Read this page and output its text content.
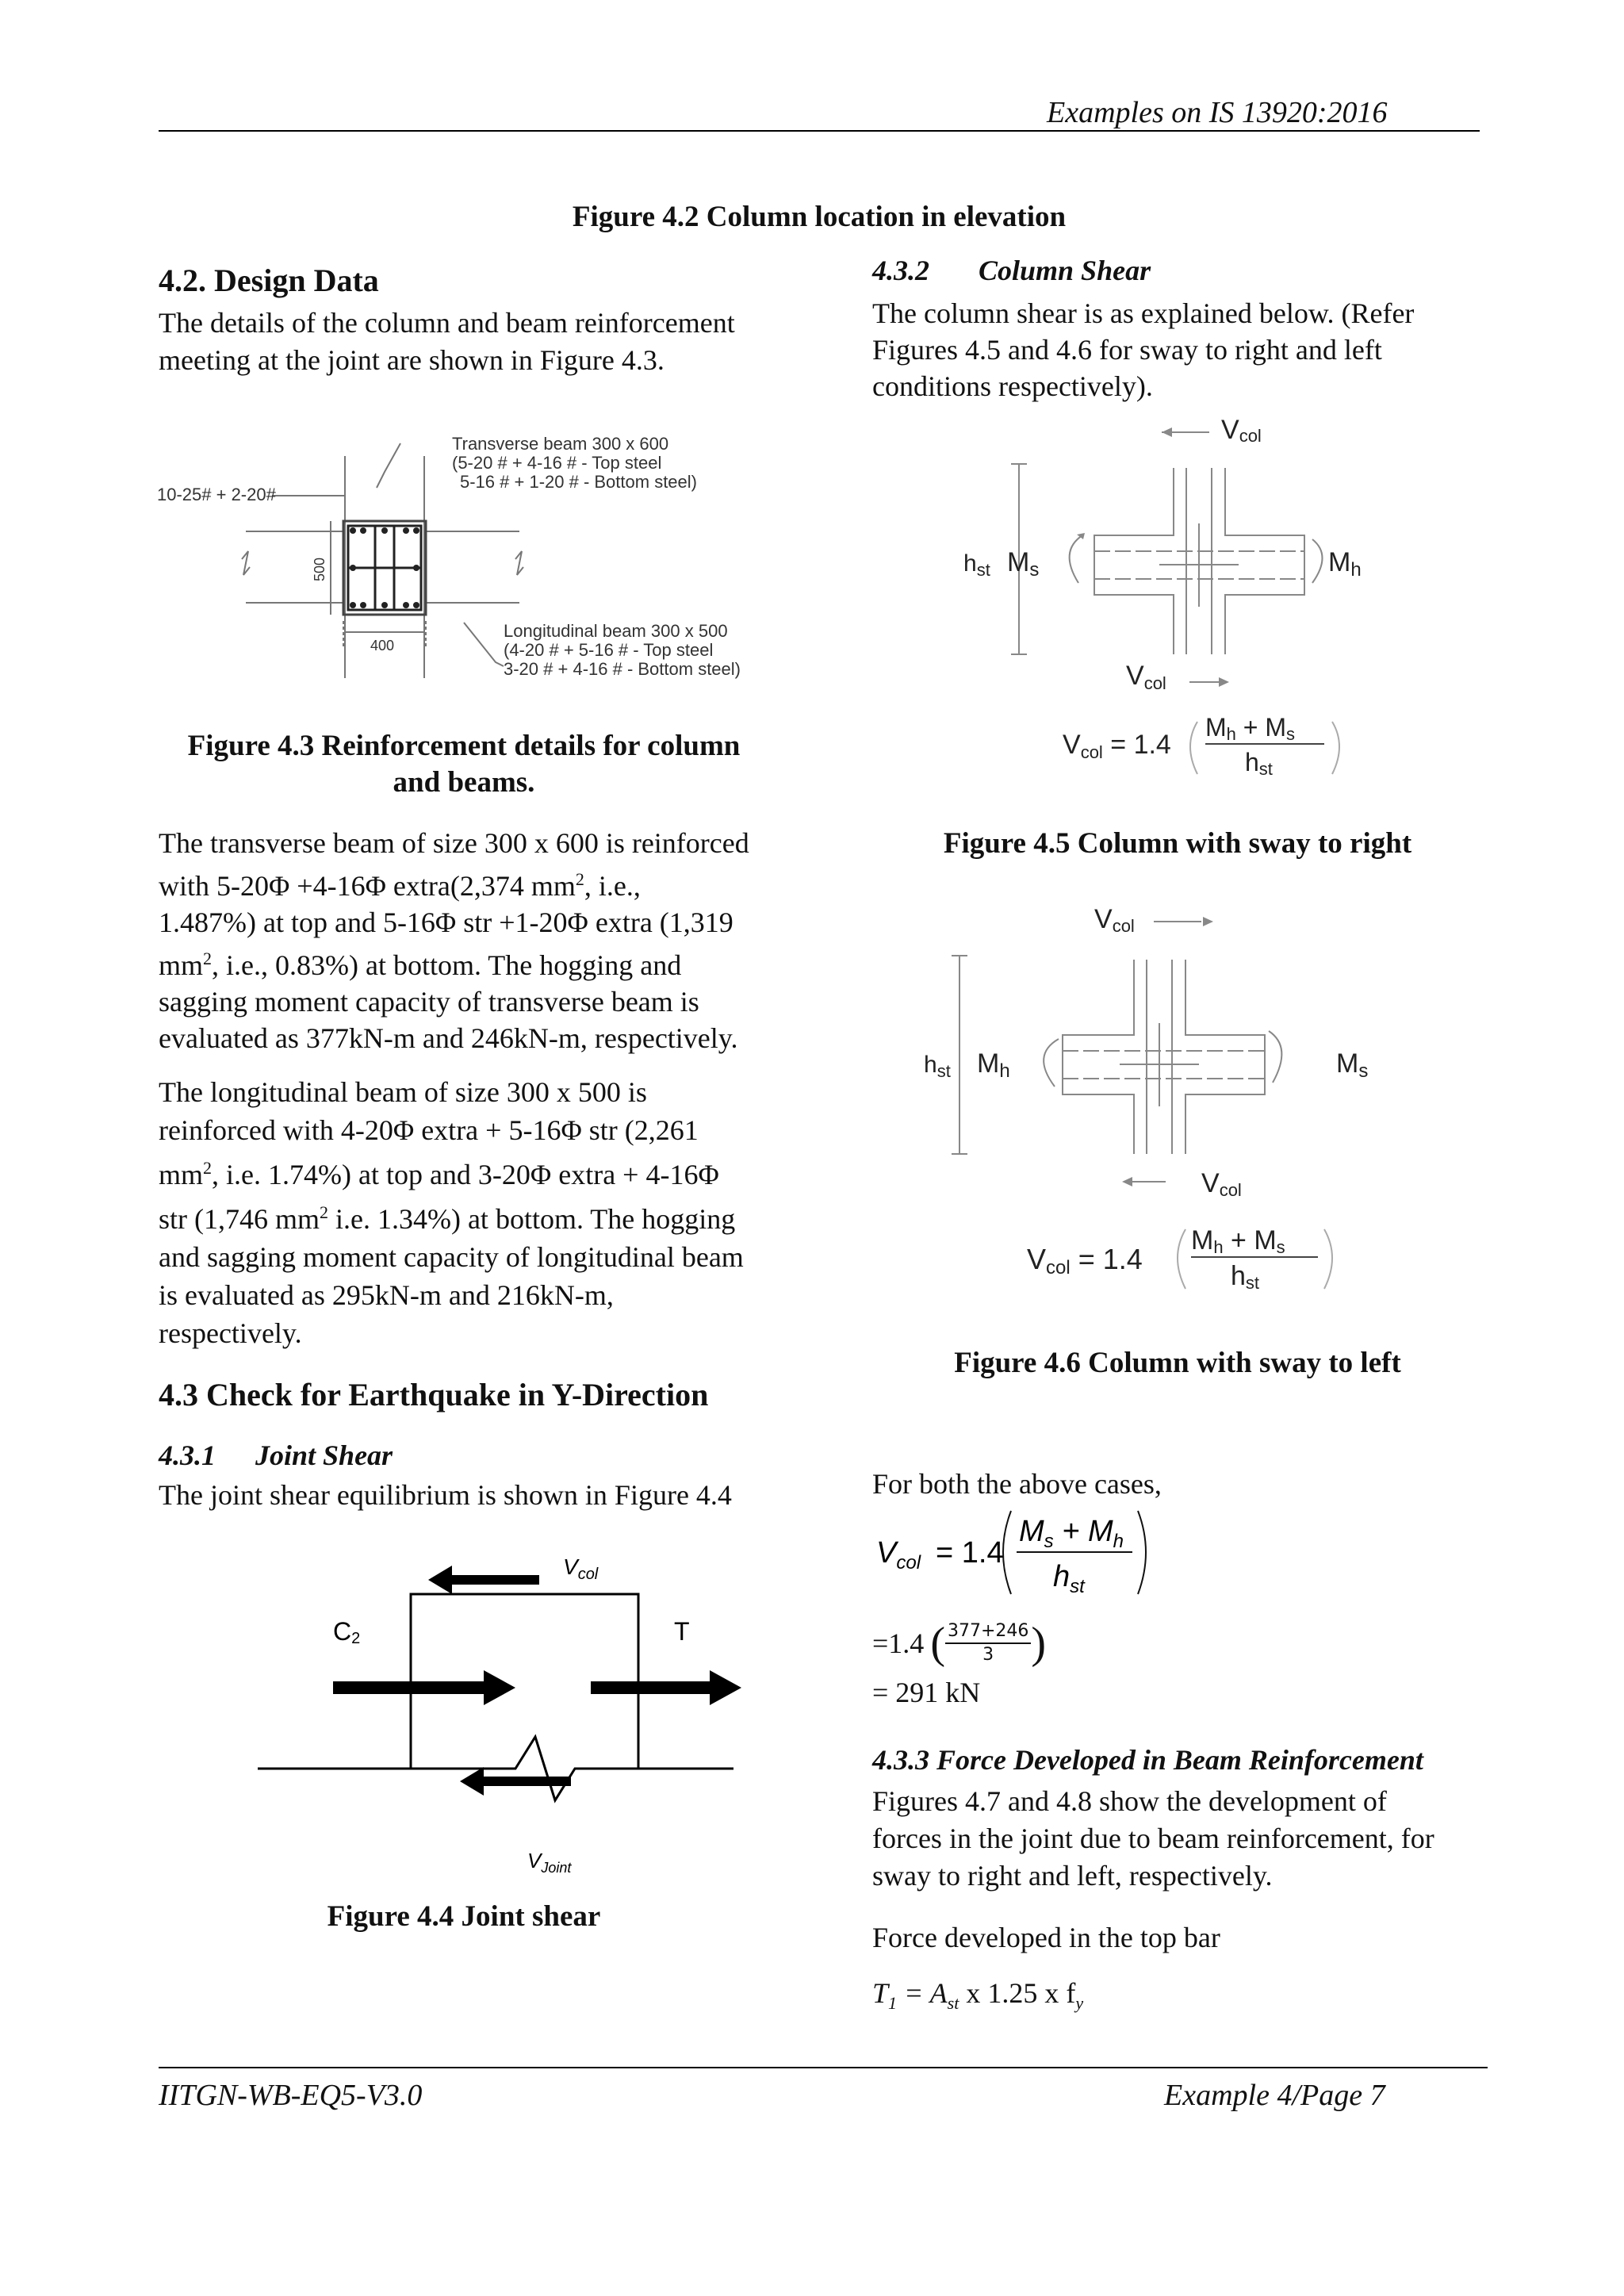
Examples on IS 13920:2016
Figure 4.2 Column location in elevation
4.2. Design Data
The details of the column and beam reinforcement meeting at the joint are shown in Figure 4.3.
Transverse beam 300 x 600
(5-20 # + 4-16 # - Top steel
5-16 # + 1-20 # - Bottom steel)
10-25# + 2-20#
500
400
Longitudinal beam 300 x 500
(4-20 # + 5-16 # - Top steel
3-20 # + 4-16 # - Bottom steel)
Figure 4.3 Reinforcement details for column
and beams.
The transverse beam of size 300 x 600 is reinforced
with 5-20Φ +4-16Φ extra(2,374 $mm^2$, i.e.,
1.487%) at top and 5-16Φ str +1-20Φ extra (1,319
$mm^2$, i.e., 0.83%) at bottom. The hogging and
sagging moment capacity of transverse beam is
evaluated as 377kN-m and 246kN-m, respectively.
The longitudinal beam of size 300 x 500 is
reinforced with 4-20Φ extra + 5-16Φ str (2,261
$mm^2$, i.e. 1.74%) at top and 3-20Φ extra + 4-16Φ
str (1,746 $mm^2$ i.e. 1.34%) at bottom. The hogging
and sagging moment capacity of longitudinal beam
is evaluated as 295kN-m and 216kN-m,
respectively.
4.3 Check for Earthquake in Y-Direction
4.3.1 Joint Shear
The joint shear equilibrium is shown in Figure 4.4
$V_{col}$
C2	T
$V_{Joint}$
Figure 4.4 Joint shear
4.3.2 Column Shear
The column shear is as explained below. (Refer
Figures 4.5 and 4.6 for sway to right and left
conditions respectively).
Vcol
$h_{st}$ Ms	Mh
Vcol
Vcol = 1.4
Mh + Ms
hst
Figure 4.5 Column with sway to right
Vcol
$h_{st}$ Mh	Ms
Vcol
Vcol = 1.4
Mh + Ms
hst
Figure 4.6 Column with sway to left
For both the above cases,
$V_{col} = 1.4$
$M_s + M_h$
$h_{st}$
=1.4 ( $\frac{377+246}{3}$ )
= 291 kN
4.3.3 Force Developed in Beam Reinforcement
Figures 4.7 and 4.8 show the development of
forces in the joint due to beam reinforcement, for
sway to right and left, respectively.
Force developed in the top bar
$T_1 = A_{st}$ x 1.25 x $f_y$
IITGN-WB-EQ5-V3.0	Example 4/Page 7
